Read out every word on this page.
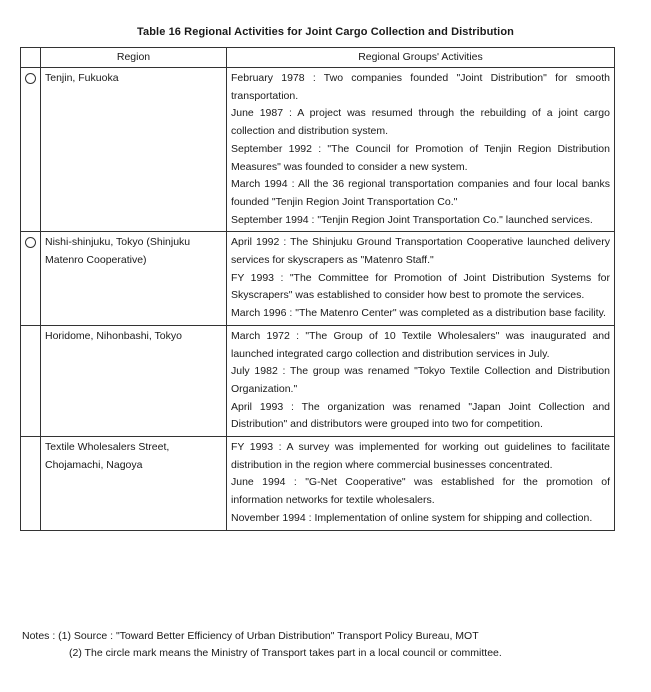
Table 16 Regional Activities for Joint Cargo Collection and Distribution
	Region	Regional Groups' Activities
	Tenjin, Fukuoka	February 1978 : Two companies founded "Joint Distribution" for smooth transportation.
June 1987 : A project was resumed through the rebuilding of a joint cargo collection and distribution system.
September 1992 : "The Council for Promotion of Tenjin Region Distribution Measures" was founded to consider a new system.
March 1994 : All the 36 regional transportation companies and four local banks founded "Tenjin Region Joint Transportation Co."
September 1994 : "Tenjin Region Joint Transportation Co." launched services.

	Nishi-shinjuku, Tokyo (Shinjuku Matenro Cooperative)	April 1992 : The Shinjuku Ground Transportation Cooperative launched delivery services for skyscrapers as "Matenro Staff."
FY 1993 : "The Committee for Promotion of Joint Distribution Systems for Skyscrapers" was established to consider how best to promote the services.
March 1996 : "The Matenro Center" was completed as a distribution base facility.

	Horidome, Nihonbashi, Tokyo	March 1972 : "The Group of 10 Textile Wholesalers" was inaugurated and launched integrated cargo collection and distribution services in July.
July 1982 : The group was renamed "Tokyo Textile Collection and Distribution Organization."
April 1993 : The organization was renamed "Japan Joint Collection and Distribution" and distributors were grouped into two for competition.

	Textile Wholesalers Street, Chojamachi, Nagoya	FY 1993 : A survey was implemented for working out guidelines to facilitate distribution in the region where commercial businesses concentrated.
June 1994 : "G-Net Cooperative" was established for the promotion of information networks for textile wholesalers.
November 1994 : Implementation of online system for shipping and collection.
Notes : (1) Source : "Toward Better Efficiency of Urban Distribution" Transport Policy Bureau, MOT
(2) The circle mark means the Ministry of Transport takes part in a local council or committee.
